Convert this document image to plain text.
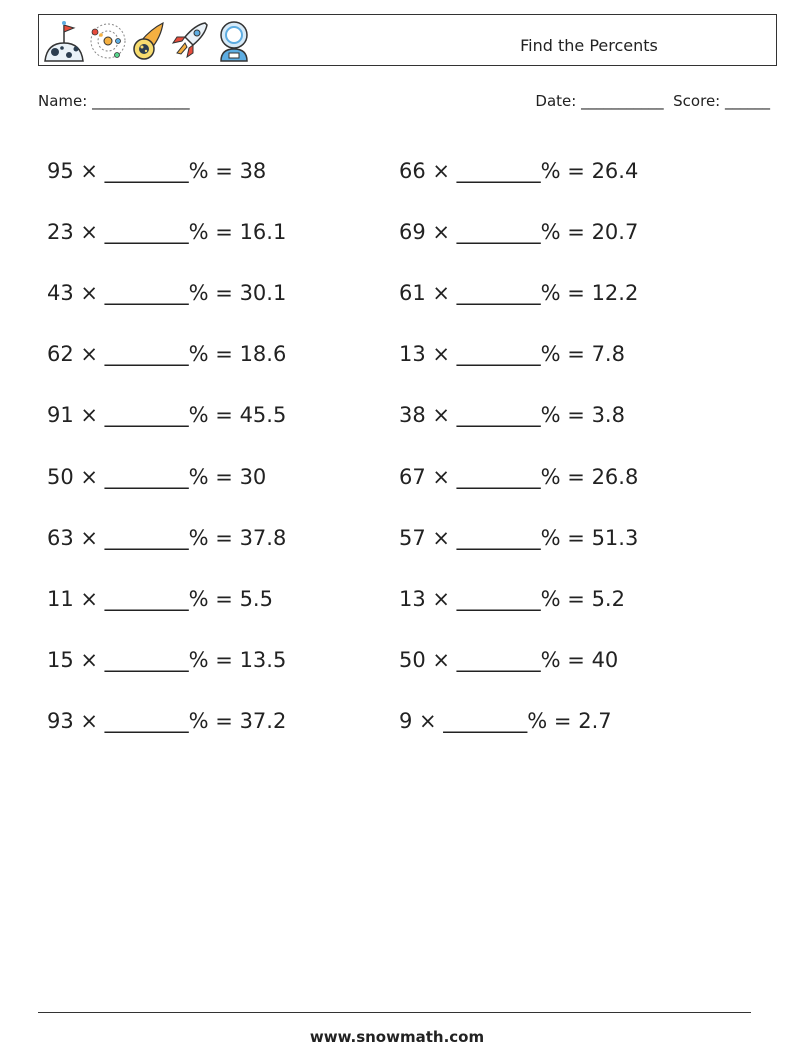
Find the Percents
Name: _____________	Date: ___________ Score: ______
95 × ________% = 38	66 × ________% = 26.4
23 × ________% = 16.1	69 × ________% = 20.7
43 × ________% = 30.1	61 × ________% = 12.2
62 × ________% = 18.6	13 × ________% = 7.8
91 × ________% = 45.5	38 × ________% = 3.8
50 × ________% = 30	67 × ________% = 26.8
63 × ________% = 37.8	57 × ________% = 51.3
11 × ________% = 5.5	13 × ________% = 5.2
15 × ________% = 13.5	50 × ________% = 40
93 × ________% = 37.2	9 × ________% = 2.7
www.snowmath.com
